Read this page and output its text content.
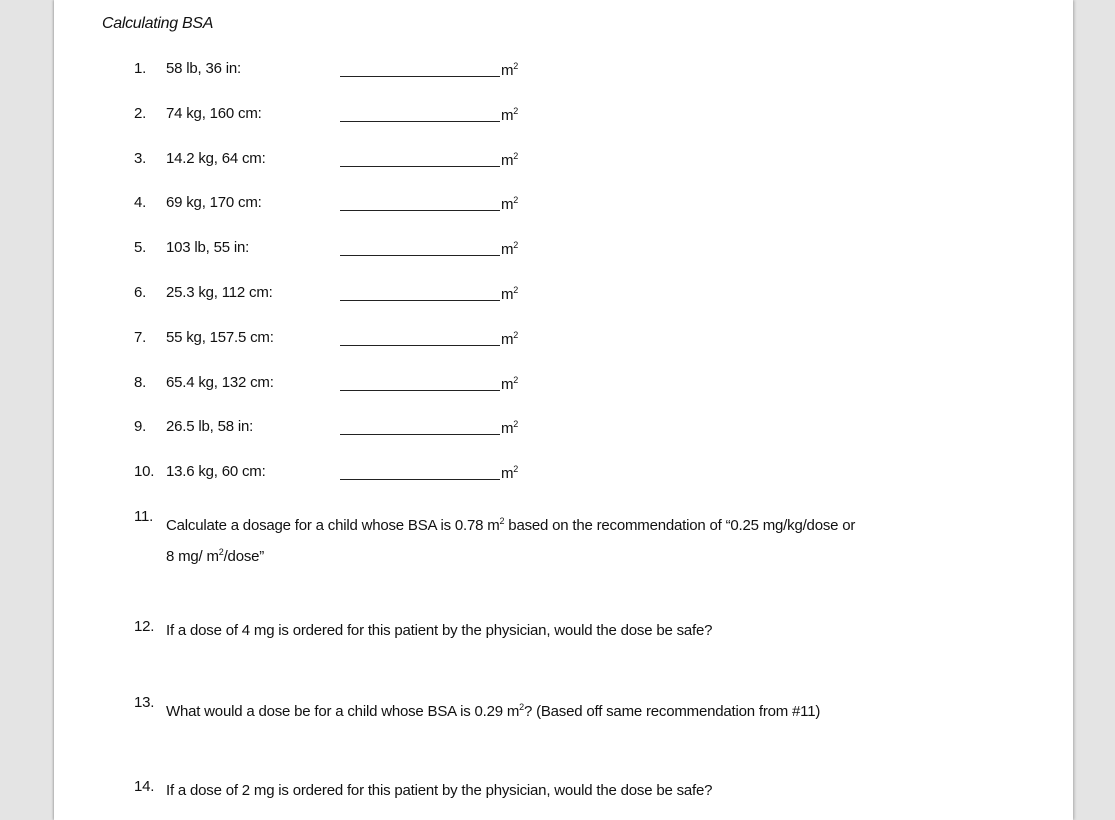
Calculating BSA
1. 58 lb, 36 in:	$m^2$
2. 74 kg, 160 cm:	$m^2$
3. 14.2 kg, 64 cm:	$m^2$
4. 69 kg, 170 cm:	$m^2$
5. 103 lb, 55 in:	$m^2$
6. 25.3 kg, 112 cm:	$m^2$
7. 55 kg, 157.5 cm:	$m^2$
8. 65.4 kg, 132 cm:	$m^2$
9. 26.5 lb, 58 in:	$m^2$
10. 13.6 kg, 60 cm:	$m^2$
11.
Calculate a dosage for a child whose BSA is 0.78 $m^2$ based on the recommendation of “0.25 mg/kg/dose or
8 mg/ $m^2$/dose”
12. If a dose of 4 mg is ordered for this patient by the physician, would the dose be safe?
13.
What would a dose be for a child whose BSA is 0.29 $m^2$? (Based off same recommendation from #11)
14. If a dose of 2 mg is ordered for this patient by the physician, would the dose be safe?
